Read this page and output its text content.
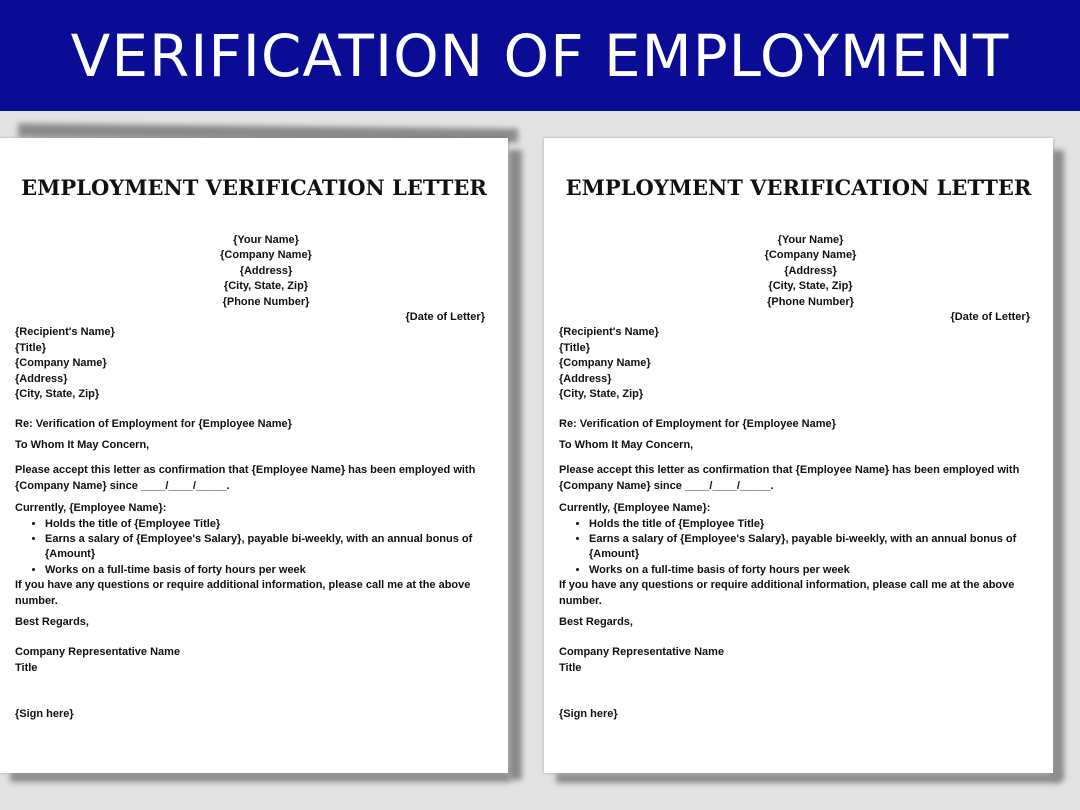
VERIFICATION OF EMPLOYMENT
EMPLOYMENT VERIFICATION LETTER
{Your Name}
{Company Name}
{Address}
{City, State, Zip}
{Phone Number}
{Date of Letter}
{Recipient's Name}
{Title}
{Company Name}
{Address}
{City, State, Zip}
Re: Verification of Employment for {Employee Name}
To Whom It May Concern,
Please accept this letter as confirmation that {Employee Name} has been employed with
{Company Name} since ____/____/_____.
Currently, {Employee Name}:
• Holds the title of {Employee Title}
• Earns a salary of {Employee's Salary}, payable bi-weekly, with an annual bonus of {Amount}
• Works on a full-time basis of forty hours per week
If you have any questions or require additional information, please call me at the above number.
Best Regards,
Company Representative Name
Title
{Sign here}
EMPLOYMENT VERIFICATION LETTER
{Your Name}
{Company Name}
{Address}
{City, State, Zip}
{Phone Number}
{Date of Letter}
{Recipient's Name}
{Title}
{Company Name}
{Address}
{City, State, Zip}
Re: Verification of Employment for {Employee Name}
To Whom It May Concern,
Please accept this letter as confirmation that {Employee Name} has been employed with
{Company Name} since ____/____/_____.
Currently, {Employee Name}:
• Holds the title of {Employee Title}
• Earns a salary of {Employee's Salary}, payable bi-weekly, with an annual bonus of {Amount}
• Works on a full-time basis of forty hours per week
If you have any questions or require additional information, please call me at the above number.
Best Regards,
Company Representative Name
Title
{Sign here}
